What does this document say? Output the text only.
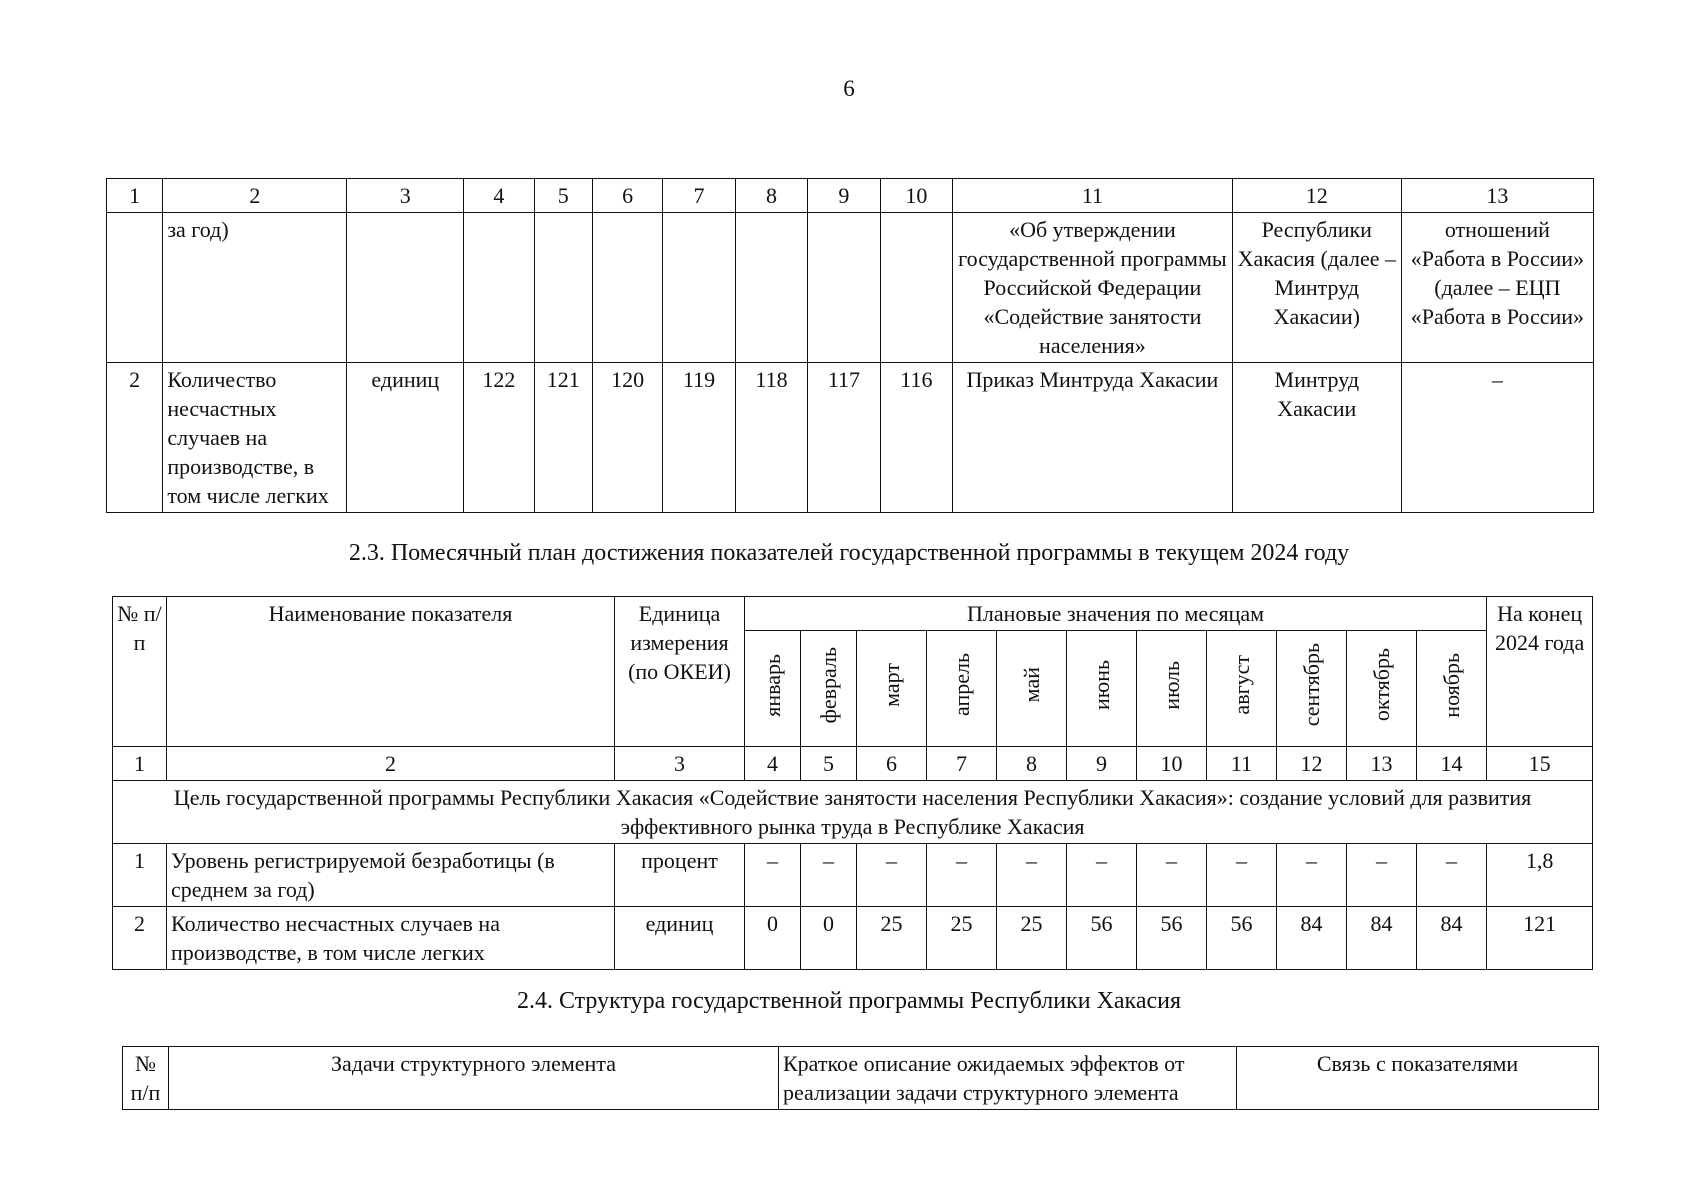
6
1	2	3	4	5	6	7	8	9	10	11	12	13
	за год)									«Об утверждении государственной программы Российской Федерации «Содействие занятости населения»	Республики Хакасия (далее – Минтруд Хакасии)	отношений «Работа в России» (далее – ЕЦП «Работа в России»
2	Количество несчастных случаев на производстве, в том числе легких	единиц	122	121	120	119	118	117	116	Приказ Минтруда Хакасии	Минтруд Хакасии	–
2.3. Помесячный план достижения показателей государственной программы в текущем 2024 году
№ п/п	Наименование показателя	Единица измерения (по ОКЕИ)	Плановые значения по месяцам											На конец 2024 года
			январь	февраль	март	апрель	май	июнь	июль	август	сентябрь	октябрь	ноябрь	
1	2	3	4	5	6	7	8	9	10	11	12	13	14	15
Цель государственной программы Республики Хакасия «Содействие занятости населения Республики Хакасия»: создание условий для развития эффективного рынка труда в Республике Хакасия														
1	Уровень регистрируемой безработицы (в среднем за год)	процент	–	–	–	–	–	–	–	–	–	–	–	1,8
2	Количество несчастных случаев на производстве, в том числе легких	единиц	0	0	25	25	25	56	56	56	84	84	84	121
2.4. Структура государственной программы Республики Хакасия
№ п/п	Задачи структурного элемента	Краткое описание ожидаемых эффектов от реализации задачи структурного элемента	Связь с показателями
